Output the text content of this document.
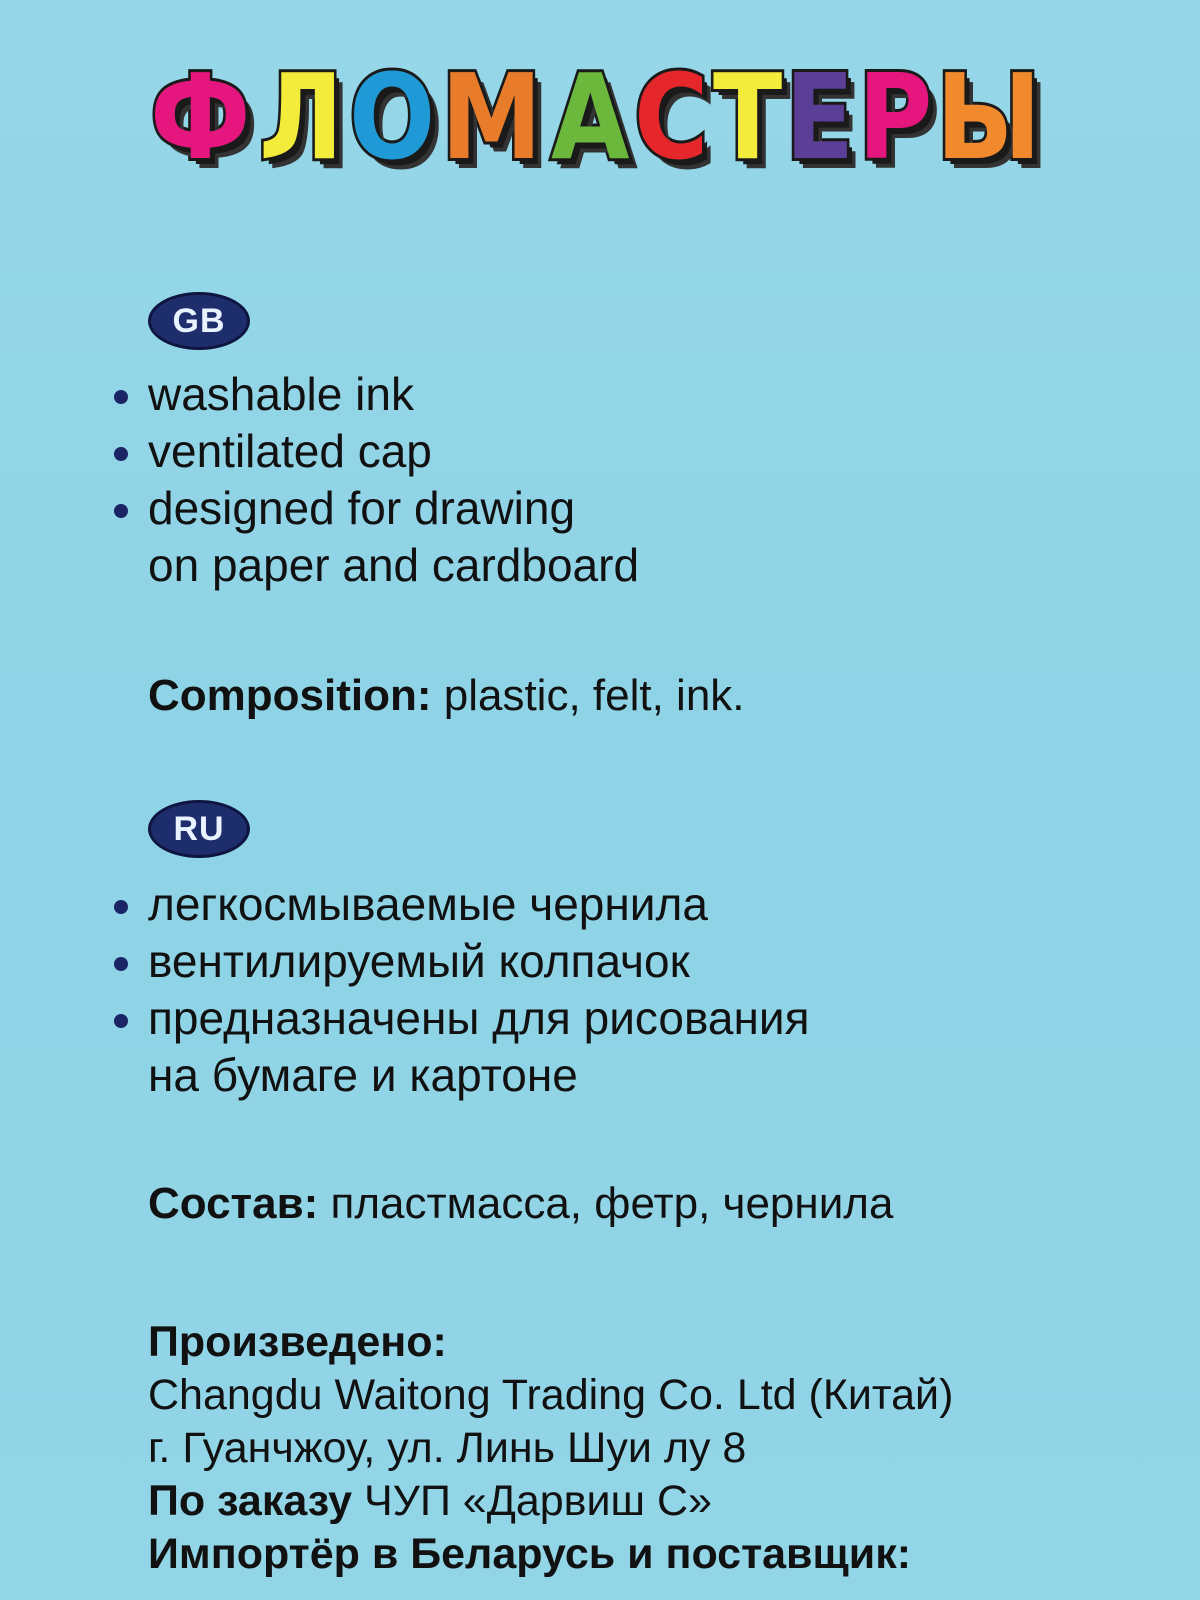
Ф Л О М А С Т Е Р Ы
GB
washable ink
ventilated cap
designed for drawing
on paper and cardboard

Composition: plastic, felt, ink.

RU
легкосмываемые чернила
вентилируемый колпачок
предназначены для рисования
на бумаге и картоне

Состав: пластмасса, фетр, чернила

Произведено:
Changdu Waitong Trading Co. Ltd (Китай)
г. Гуанчжоу, ул. Линь Шуи лу 8
По заказу ЧУП «Дарвиш С»
Импортёр в Беларусь и поставщик:
